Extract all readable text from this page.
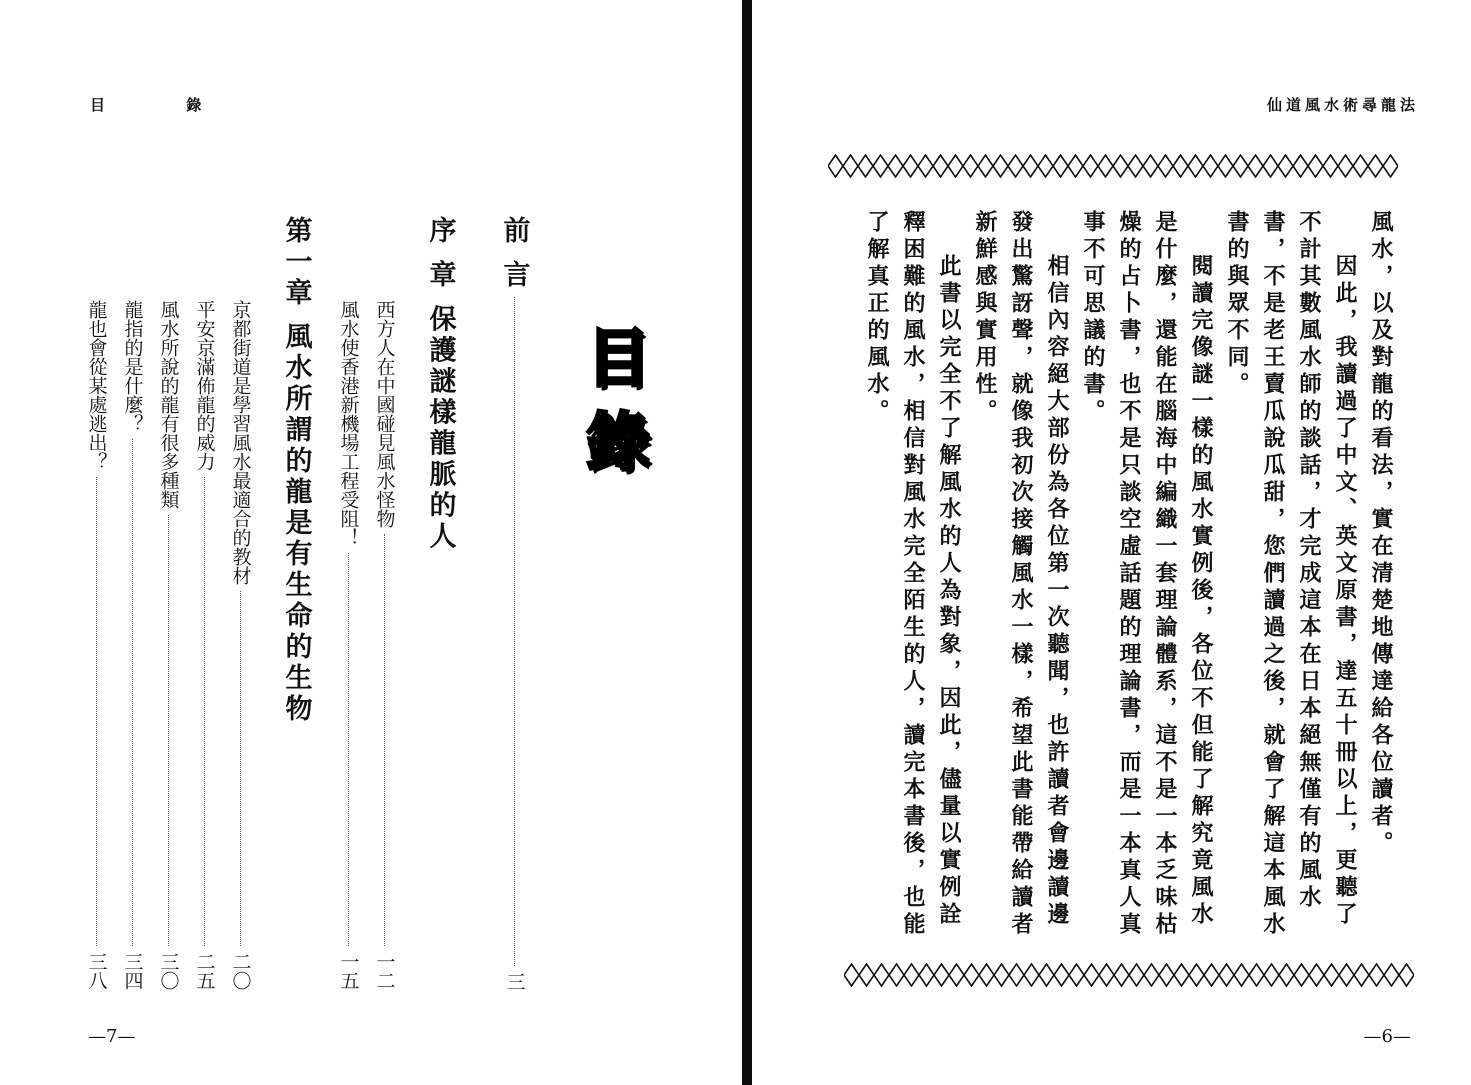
目 錄
目錄
前 言
三
序 章 保護謎樣龍脈的人
西方人在中國碰見風水怪物
一二
風水使香港新機場工程受阻！
一五
第一章 風水所謂的龍是有生命的生物
京都街道是學習風水最適合的教材
二〇
平安京滿佈龍的威力
二五
風水所說的龍有很多種類
三〇
龍指的是什麼？
三四
龍也會從某處逃出？
三八
—7—
仙道風水術尋龍法

風水，以及對龍的看法，實在清楚地傳達給各位讀者。

因此，我讀過了中文、英文原書，達五十冊以上，更聽了不計其數風水師的談話，才完成這本在日本絕無僅有的風水書，不是老王賣瓜說瓜甜，您們讀過之後，就會了解這本風水書的與眾不同。

閱讀完像謎一樣的風水實例後，各位不但能了解究竟風水是什麼，還能在腦海中編織一套理論體系，這不是一本乏味枯燥的占卜書，也不是只談空虛話題的理論書，而是一本真人真事不可思議的書。

相信內容絕大部份為各位第一次聽聞，也許讀者會邊讀邊發出驚訝聲，就像我初次接觸風水一樣，希望此書能帶給讀者新鮮感與實用性。

此書以完全不了解風水的人為對象，因此，儘量以實例詮釋困難的風水，相信對風水完全陌生的人，讀完本書後，也能了解真正的風水。

—6—
